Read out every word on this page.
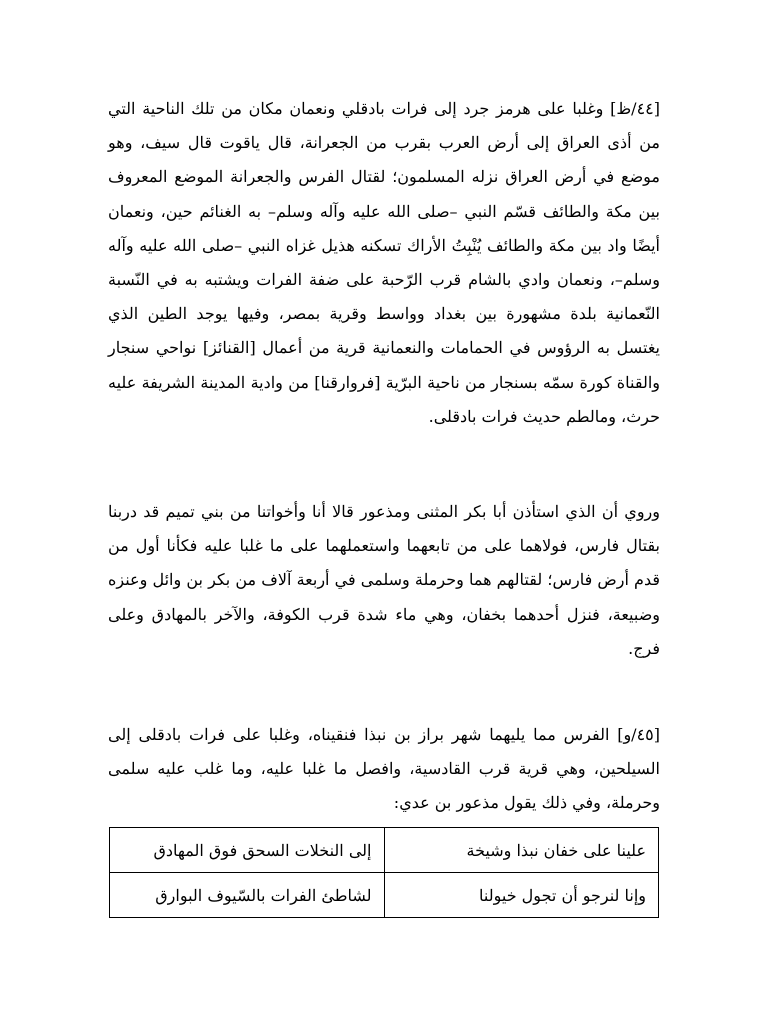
[٤٤/ظ] وغلبا على هرمز جرد إلى فرات بادقلي ونعمان مكان من تلك الناحية التي من أذى العراق إلى أرض العرب بقرب من الجعرانة، قال ياقوت قال سيف، وهو موضع في أرض العراق نزله المسلمون؛ لقتال الفرس والجعرانة الموضع المعروف بين مكة والطائف قسّم النبي –صلى الله عليه وآله وسلم– به الغنائم حين، ونعمان أيضًا واد بين مكة والطائف يُنْبِتُ الأراك تسكنه هذيل غزاه النبي –صلى الله عليه وآله وسلم–، ونعمان وادي بالشام قرب الرّحبة على ضفة الفرات ويشتبه به في النّسبة النّعمانية بلدة مشهورة بين بغداد وواسط وقرية بمصر، وفيها يوجد الطين الذي يغتسل به الرؤوس في الحمامات والنعمانية قرية من أعمال [القنائز] نواحي سنجار والقناة كورة سمّه بسنجار من ناحية البرّية [فروارقنا] من وادية المدينة الشريفة عليه حرث، ومالطم حديث فرات بادقلى.

وروي أن الذي استأذن أبا بكر المثنى ومذعور قالا أنا وأخواتنا من بني تميم قد دربنا بقتال فارس، فولاهما على من تابعهما واستعملهما على ما غلبا عليه فكأنا أول من قدم أرض فارس؛ لقتالهم هما وحرملة وسلمى في أربعة آلاف من بكر بن وائل وعنزه وضبيعة، فنزل أحدهما بخفان، وهي ماء شدة قرب الكوفة، والآخر بالمهادق وعلى فرج.

[٤٥/و] الفرس مما يليهما شهر براز بن نبذا فنقيناه، وغلبا على فرات بادقلى إلى السيلحين، وهي قرية قرب القادسية، وافصل ما غلبا عليه، وما غلب عليه سلمى وحرملة، وفي ذلك يقول مذعور بن عدي:

علينا على خفان نبذا وشيخة	إلى النخلات السحق فوق المهادق
وإنا لنرجو أن تجول خيولنا	لشاطئ الفرات بالسّيوف البوارق
